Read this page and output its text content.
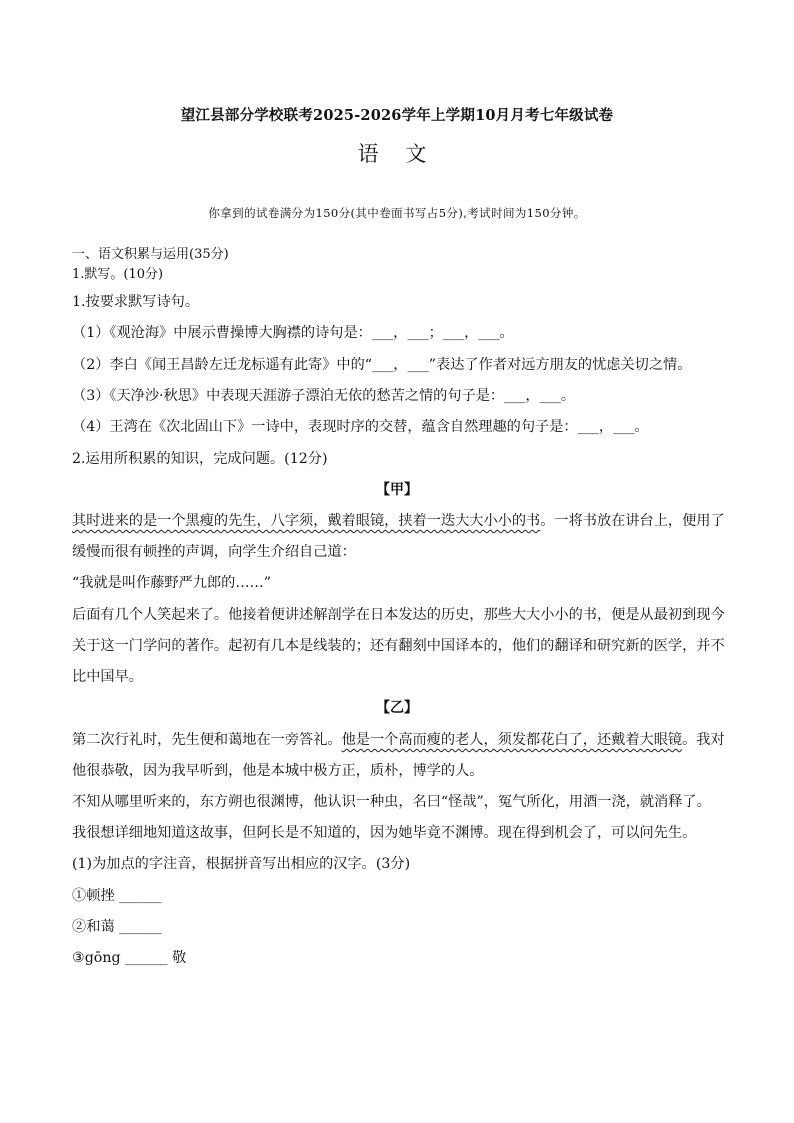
望江县部分学校联考2025-2026学年上学期10月月考七年级试卷
语 文
你拿到的试卷满分为150分(其中卷面书写占5分),考试时间为150分钟。
一、语文积累与运用(35分)
1.默写。(10分)
1.按要求默写诗句。
（1）《观沧海》中展示曹操博大胸襟的诗句是：___，___；___，___。
（2）李白《闻王昌龄左迁龙标遥有此寄》中的“___，___”表达了作者对远方朋友的忧虑关切之情。
（3）《天净沙·秋思》中表现天涯游子漂泊无依的愁苦之情的句子是：___，___。
（4）王湾在《次北固山下》一诗中，表现时序的交替，蕴含自然理趣的句子是：___，___。
2.运用所积累的知识，完成问题。(12分)
【甲】
其时进来的是一个黑瘦的先生，八字须，戴着眼镜，挟着一迭大大小小的书。一将书放在讲台上，便用了
缓慢而很有顿挫的声调，向学生介绍自己道：
“我就是叫作藤野严九郎的……”
后面有几个人笑起来了。他接着便讲述解剖学在日本发达的历史，那些大大小小的书，便是从最初到现今
关于这一门学问的著作。起初有几本是线装的；还有翻刻中国译本的，他们的翻译和研究新的医学，并不
比中国早。
【乙】
第二次行礼时，先生便和蔼地在一旁答礼。他是一个高而瘦的老人，须发都花白了，还戴着大眼镜。我对
他很恭敬，因为我早听到，他是本城中极方正，质朴，博学的人。
不知从哪里听来的，东方朔也很渊博，他认识一种虫，名曰“怪哉”，冤气所化，用酒一浇，就消释了。
我很想详细地知道这故事，但阿长是不知道的，因为她毕竟不渊博。现在得到机会了，可以问先生。
(1)为加点的字注音，根据拼音写出相应的汉字。(3分)
①顿挫 ______
②和蔼 ______
③gōng ______ 敬
